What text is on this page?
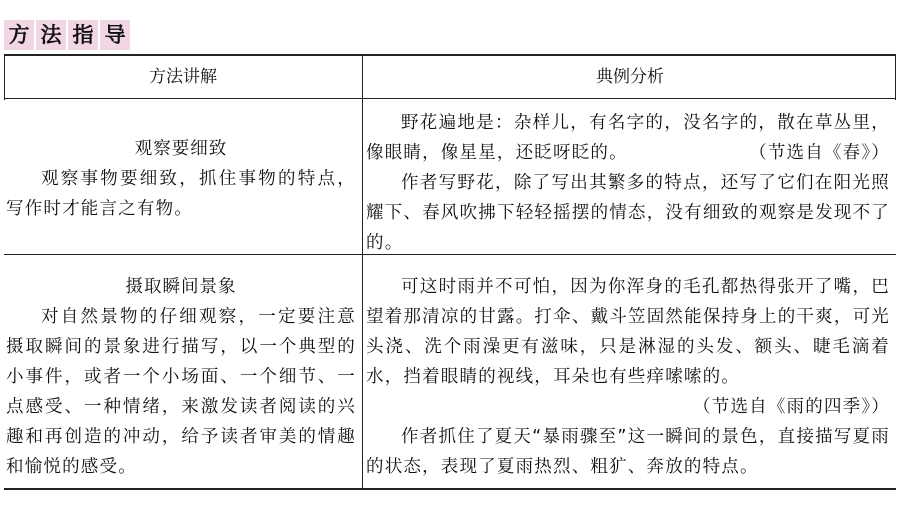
方 法 指 导
方法讲解	典例分析

观察要细致

观察事物要细致，抓住事物的特点，写作时才能言之有物。

野花遍地是：杂样儿，有名字的，没名字的，散在草丛里，像眼睛，像星星，还眨呀眨的。	（节选自《春》）

作者写野花，除了写出其繁多的特点，还写了它们在阳光照耀下、春风吹拂下轻轻摇摆的情态，没有细致的观察是发现不了的。

摄取瞬间景象

对自然景物的仔细观察，一定要注意摄取瞬间的景象进行描写，以一个典型的小事件，或者一个小场面、一个细节、一点感受、一种情绪，来激发读者阅读的兴趣和再创造的冲动，给予读者审美的情趣和愉悦的感受。

可这时雨并不可怕，因为你浑身的毛孔都热得张开了嘴，巴望着那清凉的甘露。打伞、戴斗笠固然能保持身上的干爽，可光头浇、洗个雨澡更有滋味，只是淋湿的头发、额头、睫毛滴着水，挡着眼睛的视线，耳朵也有些痒嗦嗦的。

（节选自《雨的四季》）

作者抓住了夏天“暴雨骤至”这一瞬间的景色，直接描写夏雨的状态，表现了夏雨热烈、粗犷、奔放的特点。
